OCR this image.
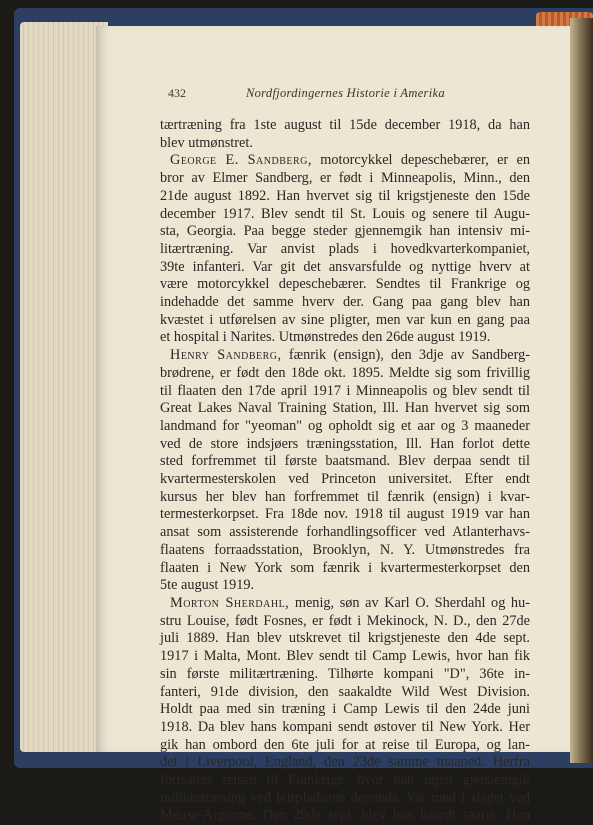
432	Nordfjordingernes Historie i Amerika
tærtræning fra 1ste august til 15de december 1918, da han
blev utmønstret.
George E. Sandberg, motorcykkel depeschebærer, er en
bror av Elmer Sandberg, er født i Minneapolis, Minn., den
21de august 1892. Han hvervet sig til krigstjeneste den 15de
december 1917. Blev sendt til St. Louis og senere til Augu-
sta, Georgia. Paa begge steder gjennemgik han intensiv mi-
litærtræning. Var anvist plads i hovedkvarterkompaniet,
39te infanteri. Var git det ansvarsfulde og nyttige hverv at
være motorcykkel depeschebærer. Sendtes til Frankrige og
indehadde det samme hverv der. Gang paa gang blev han
kvæstet i utførelsen av sine pligter, men var kun en gang paa
et hospital i Narites. Utmønstredes den 26de august 1919.
Henry Sandberg, fænrik (ensign), den 3dje av Sandberg-
brødrene, er født den 18de okt. 1895. Meldte sig som frivillig
til flaaten den 17de april 1917 i Minneapolis og blev sendt til
Great Lakes Naval Training Station, Ill. Han hvervet sig som
landmand for "yeoman" og opholdt sig et aar og 3 maaneder
ved de store indsjøers træningsstation, Ill. Han forlot dette
sted forfremmet til første baatsmand. Blev derpaa sendt til
kvartermesterskolen ved Princeton universitet. Efter endt
kursus her blev han forfremmet til fænrik (ensign) i kvar-
termesterkorpset. Fra 18de nov. 1918 til august 1919 var han
ansat som assisterende forhandlingsofficer ved Atlanterhavs-
flaatens forraadsstation, Brooklyn, N. Y. Utmønstredes fra
flaaten i New York som fænrik i kvartermesterkorpset den
5te august 1919.
Morton Sherdahl, menig, søn av Karl O. Sherdahl og hu-
stru Louise, født Fosnes, er født i Mekinock, N. D., den 27de
juli 1889. Han blev utskrevet til krigstjeneste den 4de sept.
1917 i Malta, Mont. Blev sendt til Camp Lewis, hvor han fik
sin første militærtræning. Tilhørte kompani "D", 36te in-
fanteri, 91de division, den saakaldte Wild West Division.
Holdt paa med sin træning i Camp Lewis til den 24de juni
1918. Da blev hans kompani sendt østover til New York. Her
gik han ombord den 6te juli for at reise til Europa, og lan-
det i Liverpool, England, den 23de samme maaned. Herfra
fortsattes reisen til Frankrige, hvor han igjen gjennemgik
militærtræning ved leirpladsene dersteds. Var med i slaget ved
Meuse-Argonne. Den 29de sept. blev han haardt saaret. Han
